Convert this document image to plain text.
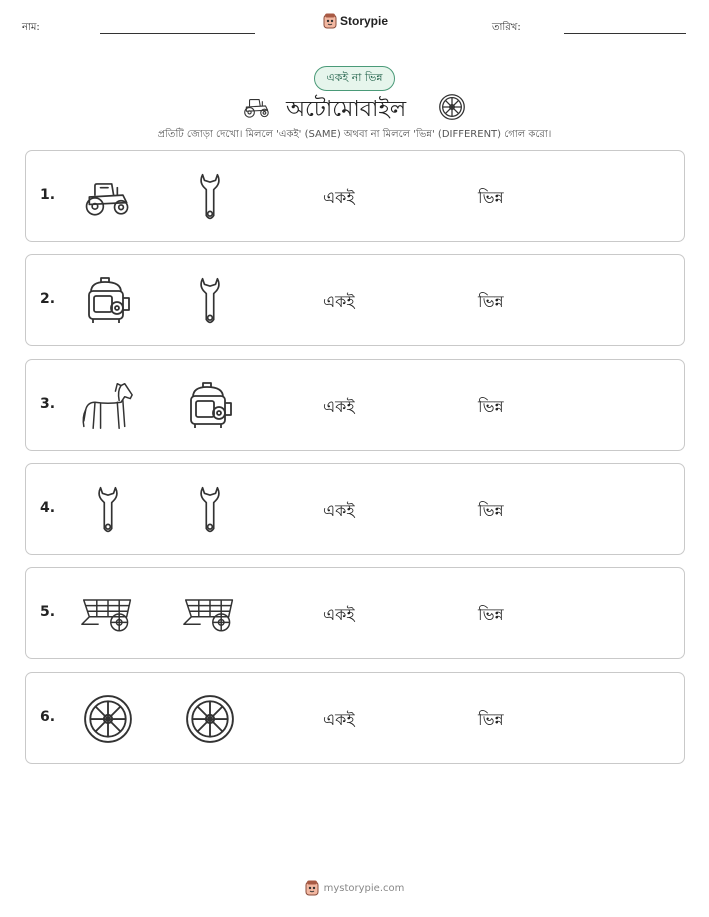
নাম:	Storypie	তারিখ:
একই না ভিন্ন
অটোমোবাইল
প্রতিটি জোড়া দেখো। মিললে 'একই' (SAME) অথবা না মিললে 'ভিন্ন' (DIFFERENT) গোল করো।
1.	একই	ভিন্ন
2.	একই	ভিন্ন
3.	একই	ভিন্ন
4.	একই	ভিন্ন
5.	একই	ভিন্ন
6.	একই	ভিন্ন
mystorypie.com
